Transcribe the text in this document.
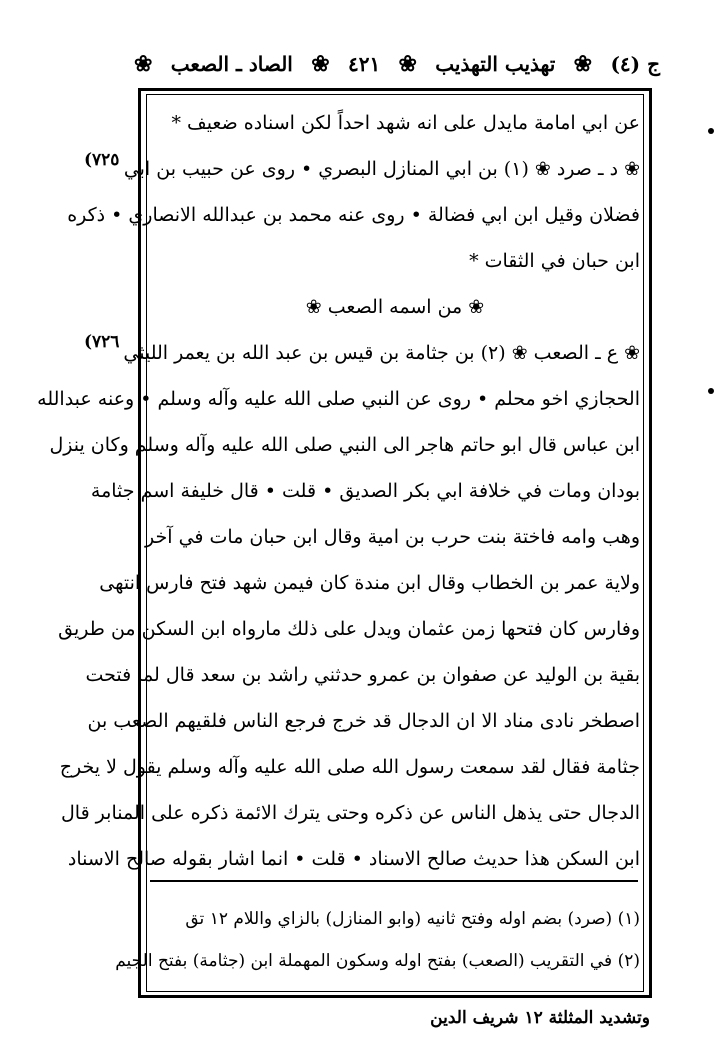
ج (٤)
❀
تهذيب التهذيب
❀
٤٢١
❀
الصاد ـ الصعب
❀
(٧٢٥
(٧٢٦
عن ابي امامة مايدل على انه شهد احداً لكن اسناده ضعيف *
❀ د ـ صرد ❀ (١) بن ابي المنازل البصري • روى عن حبيب بن ابي
فضلان وقيل ابن ابي فضالة • روى عنه محمد بن عبدالله الانصاري • ذكره
ابن حبان في الثقات *
❀ من اسمه الصعب ❀
❀ ع ـ الصعب ❀ (٢) بن جثامة بن قيس بن عبد الله بن يعمر الليثي
الحجازي اخو محلم • روى عن النبي صلى الله عليه وآله وسلم • وعنه عبدالله
ابن عباس قال ابو حاتم هاجر الى النبي صلى الله عليه وآله وسلم وكان ينزل
بودان ومات في خلافة ابي بكر الصديق • قلت • قال خليفة اسم جثامة
وهب وامه فاختة بنت حرب بن امية وقال ابن حبان مات في آخر
ولاية عمر بن الخطاب وقال ابن مندة كان فيمن شهد فتح فارس انتهى
وفارس كان فتحها زمن عثمان ويدل على ذلك مارواه ابن السكن من طريق
بقية بن الوليد عن صفوان بن عمرو حدثني راشد بن سعد قال لما فتحت
اصطخر نادى مناد الا ان الدجال قد خرج فرجع الناس فلقيهم الصعب بن
جثامة فقال لقد سمعت رسول الله صلى الله عليه وآله وسلم يقول لا يخرج
الدجال حتى يذهل الناس عن ذكره وحتى يترك الائمة ذكره على المنابر قال
ابن السكن هذا حديث صالح الاسناد • قلت • انما اشار بقوله صالح الاسناد
(١) (صرد) بضم اوله وفتح ثانيه (وابو المنازل) بالزاي واللام ١٢ تق
(٢) في التقريب (الصعب) بفتح اوله وسكون المهملة ابن (جثامة) بفتح الجيم
وتشديد المثلثة ١٢ شريف الدين
